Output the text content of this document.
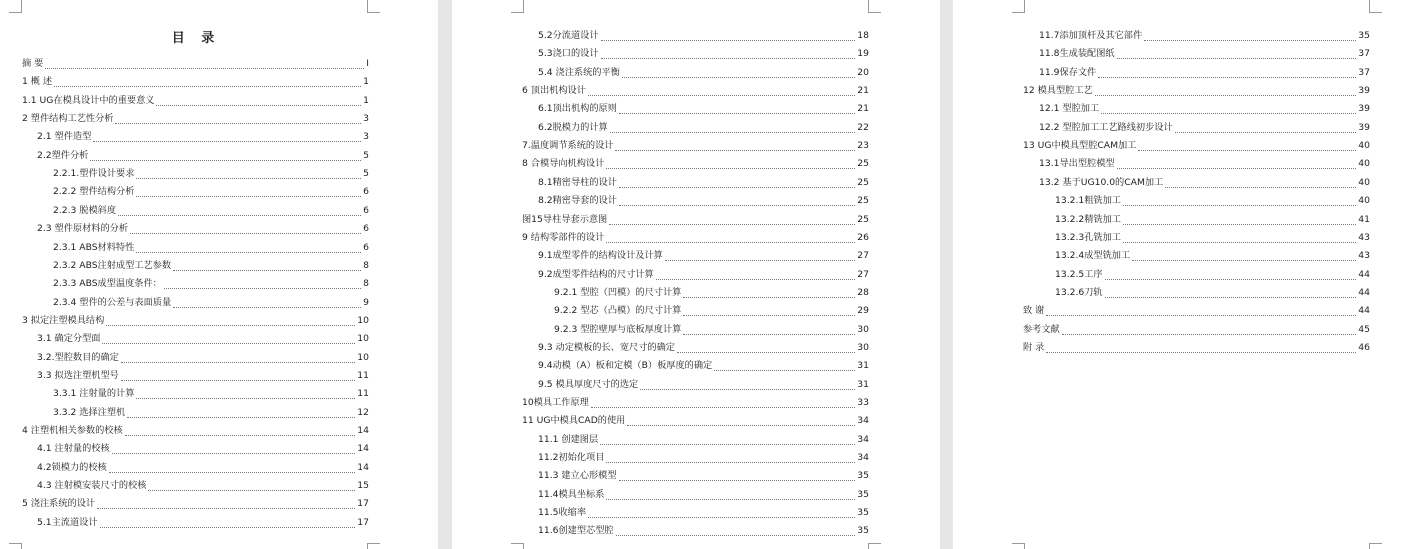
目 录
摘 要	I
1 概 述	1
1.1 UG在模具设计中的重要意义	1
2 塑件结构工艺性分析	3
2.1 塑件造型	3
2.2塑件分析	5
2.2.1.塑件设计要求	5
2.2.2 塑件结构分析	6
2.2.3 脱模斜度	6
2.3 塑件原材料的分析	6
2.3.1 ABS材料特性	6
2.3.2 ABS注射成型工艺参数	8
2.3.3 ABS成型温度条件：	8
2.3.4 塑件的公差与表面质量	9
3 拟定注塑模具结构	10
3.1 确定分型面	10
3.2.型腔数目的确定	10
3.3 拟选注塑机型号	11
3.3.1 注射量的计算	11
3.3.2 选择注塑机	12
4 注塑机相关参数的校核	14
4.1 注射量的校核	14
4.2锁模力的校核	14
4.3 注射模安装尺寸的校核	15
5 浇注系统的设计	17
5.1主流道设计	17
5.2分流道设计	18
5.3浇口的设计	19
5.4 浇注系统的平衡	20
6 顶出机构设计	21
6.1顶出机构的原则	21
6.2脱模力的计算	22
7.温度调节系统的设计	23
8 合模导向机构设计	25
8.1精密导柱的设计	25
8.2精密导套的设计	25
图15导柱导套示意图	25
9 结构零部件的设计	26
9.1成型零件的结构设计及计算	27
9.2成型零件结构的尺寸计算	27
9.2.1 型腔（凹模）的尺寸计算	28
9.2.2 型芯（凸模）的尺寸计算	29
9.2.3 型腔壁厚与底板厚度计算	30
9.3 动定模板的长、宽尺寸的确定	30
9.4动模（A）板和定模（B）板厚度的确定	31
9.5 模具厚度尺寸的选定	31
10模具工作原理	33
11 UG中模具CAD的使用	34
11.1 创建图层	34
11.2初始化项目	34
11.3 建立心形模型	35
11.4模具坐标系	35
11.5收缩率	35
11.6创建型芯型腔	35
11.7添加顶杆及其它部件	35
11.8生成装配图纸	37
11.9保存文件	37
12 模具型腔工艺	39
12.1 型腔加工	39
12.2 型腔加工工艺路线初步设计	39
13 UG中模具型腔CAM加工	40
13.1导出型腔模型	40
13.2 基于UG10.0的CAM加工	40
13.2.1粗铣加工	40
13.2.2精铣加工	41
13.2.3孔铣加工	43
13.2.4成型铣加工	43
13.2.5工序	44
13.2.6刀轨	44
致 谢	44
参考文献	45
附 录	46
